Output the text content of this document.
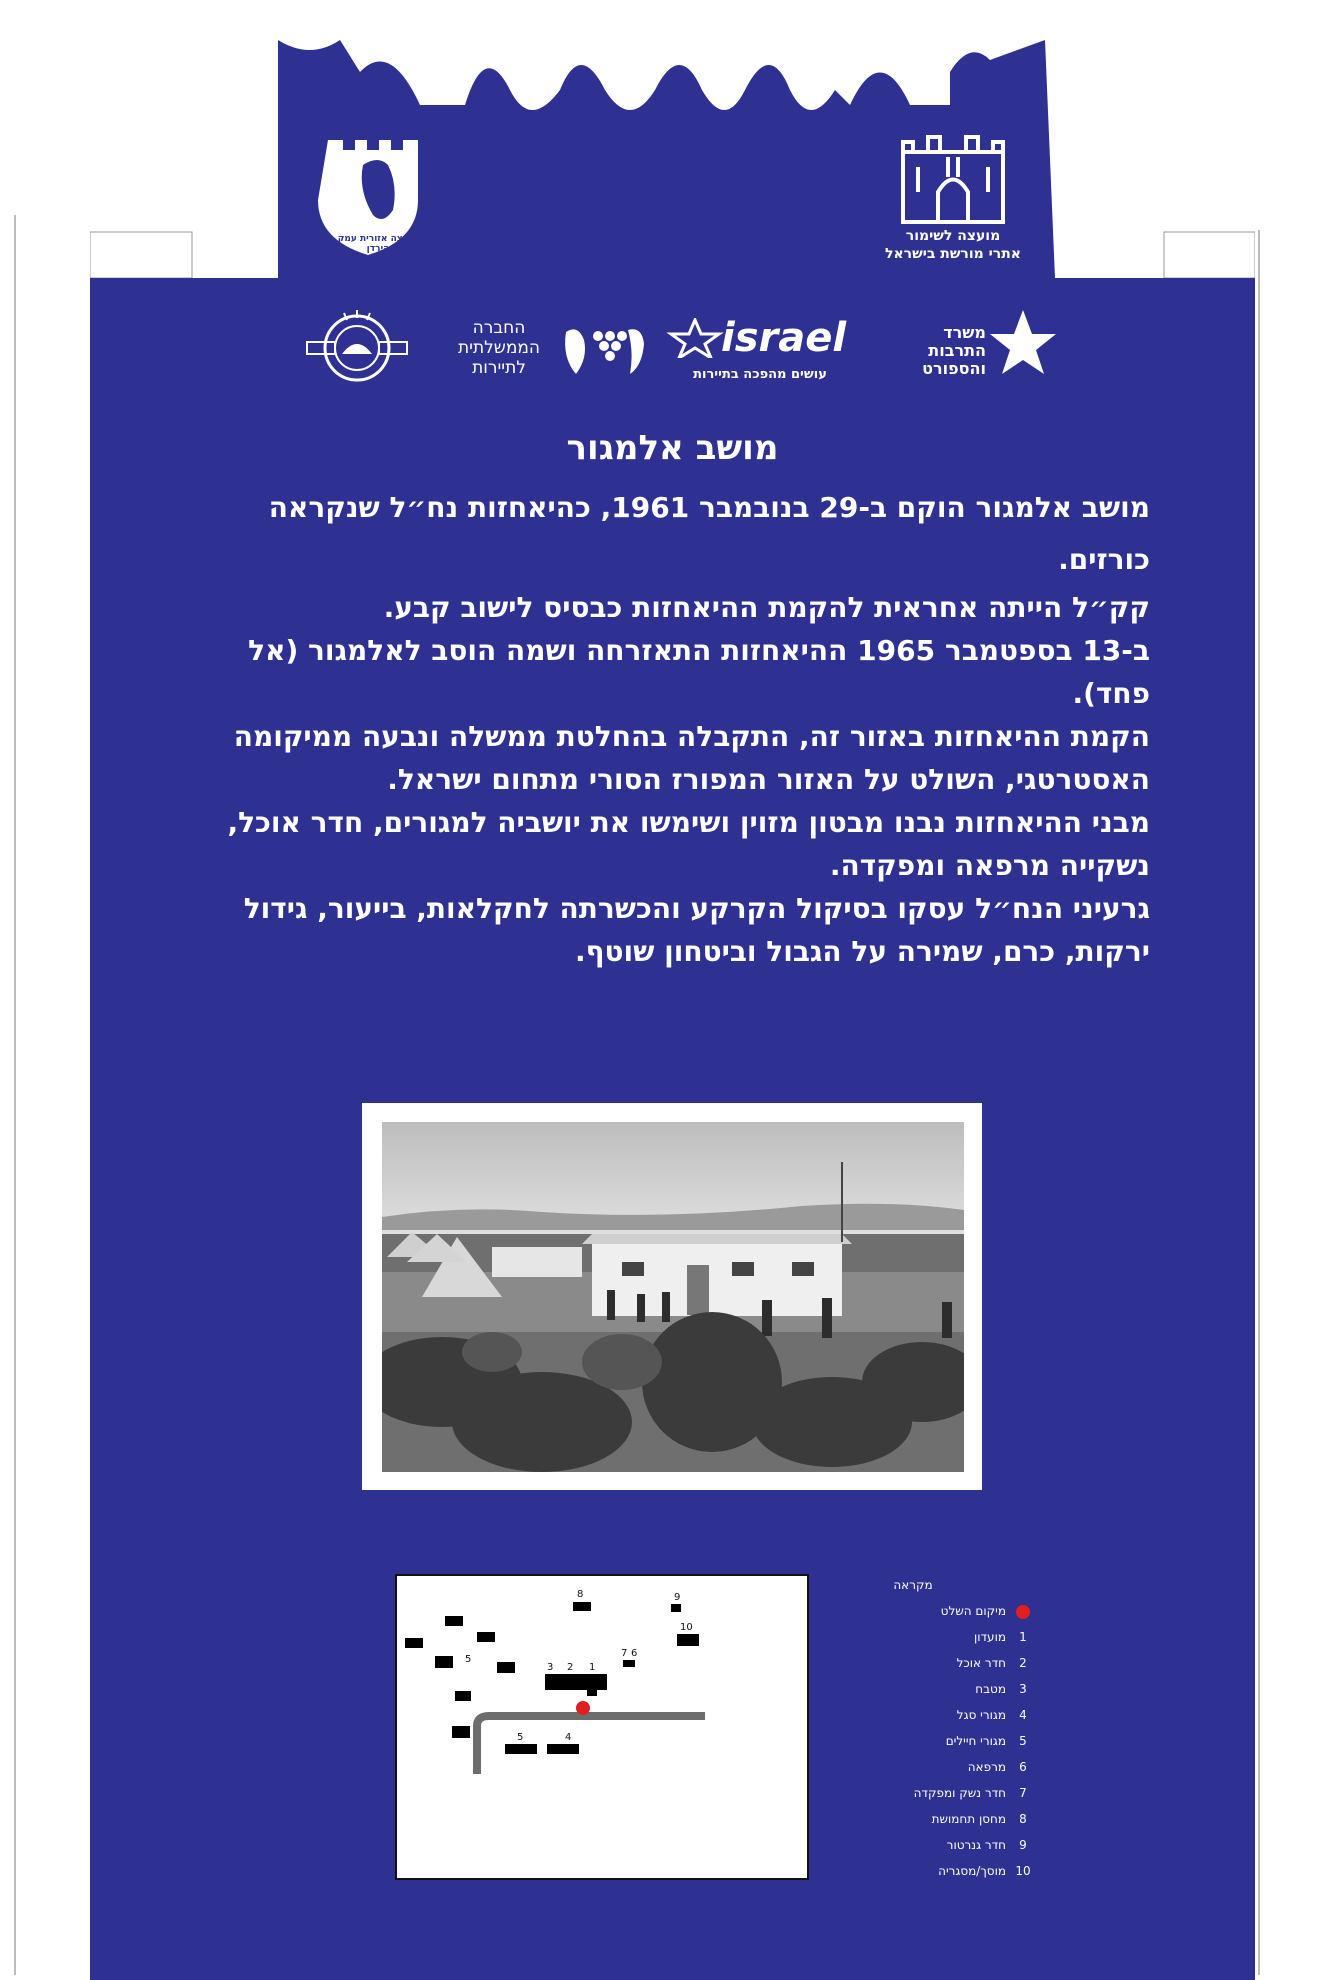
מועצה אזורית עמק הירדן
מועצה לשימור
אתרי מורשת בישראל
משרד
התרבות
והספורט
israel
עושים מהפכה בתיירות
החברה
הממשלתית
לתיירות
מושב אלמגור

מושב אלמגור הוקם ב-29 בנובמבר 1961, כהיאחזות נח״ל שנקראה כורזים.

קק״ל הייתה אחראית להקמת ההיאחזות כבסיס לישוב קבע.

ב-13 בספטמבר 1965 ההיאחזות התאזרחה ושמה הוסב לאלמגור (אל פחד).

הקמת ההיאחזות באזור זה, התקבלה בהחלטת ממשלה ונבעה ממיקומה האסטרטגי, השולט על האזור המפורז הסורי מתחום ישראל.

מבני ההיאחזות נבנו מבטון מזוין ושימשו את יושביה למגורים, חדר אוכל, נשקייה מרפאה ומפקדה.

גרעיני הנח״ל עסקו בסיקול הקרקע והכשרתה לחקלאות, בייעור, גידול ירקות, כרם, שמירה על הגבול וביטחון שוטף.

8	9
10
7 6
3 2 1
5
5	4
מקראה
מיקום השלט
1
מועדון
2
חדר אוכל
3
מטבח
4
מגורי סגל
5
מגורי חיילים
6
מרפאה
7
חדר נשק ומפקדה
8
מחסן תחמושת
9
חדר גנרטור
10
מוסך/מסגריה
